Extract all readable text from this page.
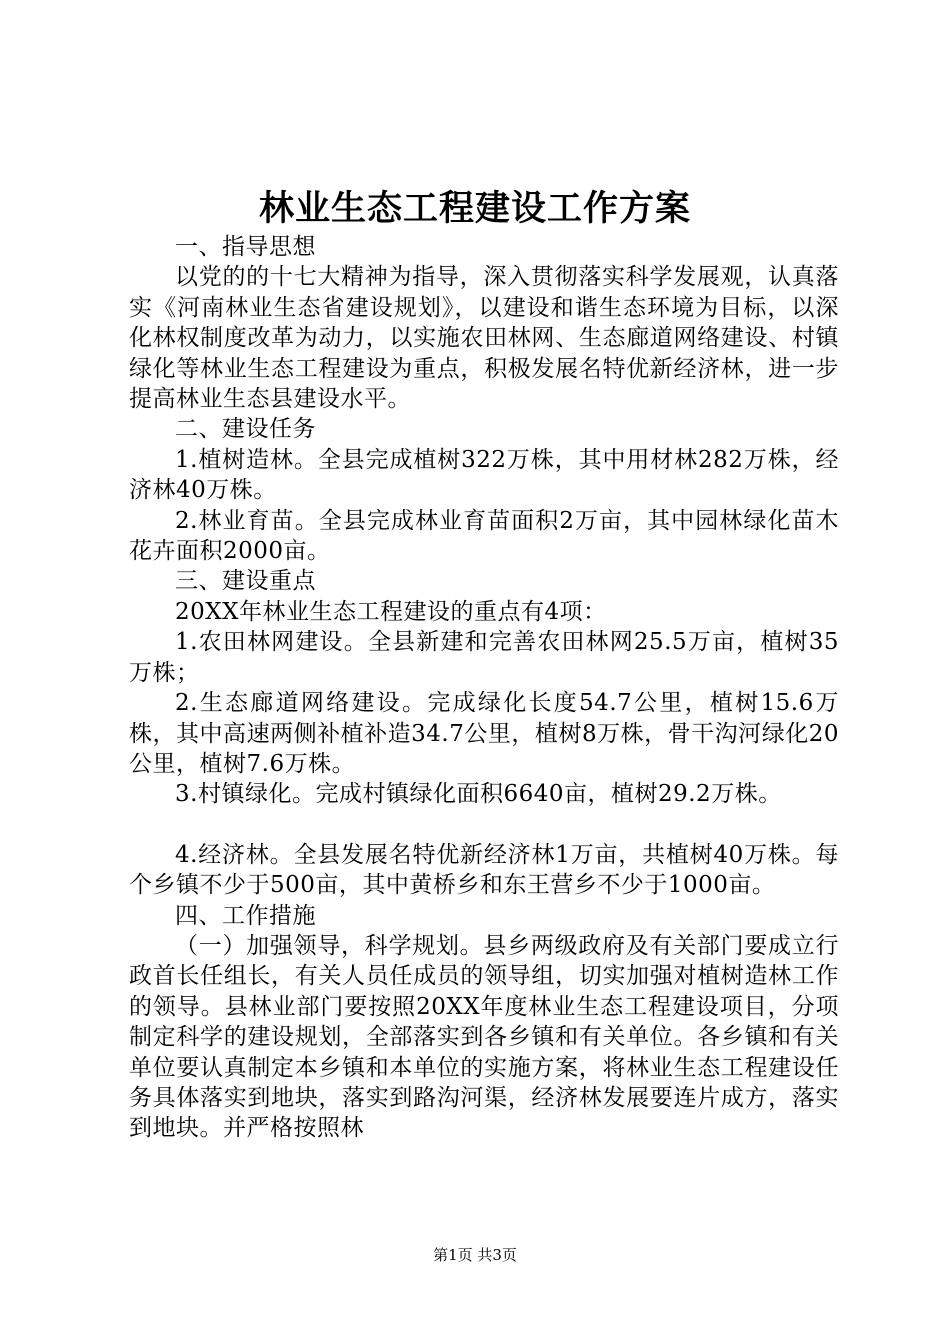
林业生态工程建设工作方案

一、指导思想

以党的的十七大精神为指导，深入贯彻落实科学发展观，认真落实《河南林业生态省建设规划》，以建设和谐生态环境为目标，以深化林权制度改革为动力，以实施农田林网、生态廊道网络建设、村镇绿化等林业生态工程建设为重点，积极发展名特优新经济林，进一步提高林业生态县建设水平。

二、建设任务

1.植树造林。全县完成植树322万株，其中用材林282万株，经济林40万株。

2.林业育苗。全县完成林业育苗面积2万亩，其中园林绿化苗木花卉面积2000亩。

三、建设重点

20XX年林业生态工程建设的重点有4项：

1.农田林网建设。全县新建和完善农田林网25.5万亩，植树35万株；

2.生态廊道网络建设。完成绿化长度54.7公里，植树15.6万株，其中高速两侧补植补造34.7公里，植树8万株，骨干沟河绿化20公里，植树7.6万株。

3.村镇绿化。完成村镇绿化面积6640亩，植树29.2万株。

4.经济林。全县发展名特优新经济林1万亩，共植树40万株。每个乡镇不少于500亩，其中黄桥乡和东王营乡不少于1000亩。

四、工作措施

（一）加强领导，科学规划。县乡两级政府及有关部门要成立行政首长任组长，有关人员任成员的领导组，切实加强对植树造林工作的领导。县林业部门要按照20XX年度林业生态工程建设项目，分项制定科学的建设规划，全部落实到各乡镇和有关单位。各乡镇和有关单位要认真制定本乡镇和本单位的实施方案，将林业生态工程建设任务具体落实到地块，落实到路沟河渠，经济林发展要连片成方，落实到地块。并严格按照林

第1页 共3页
